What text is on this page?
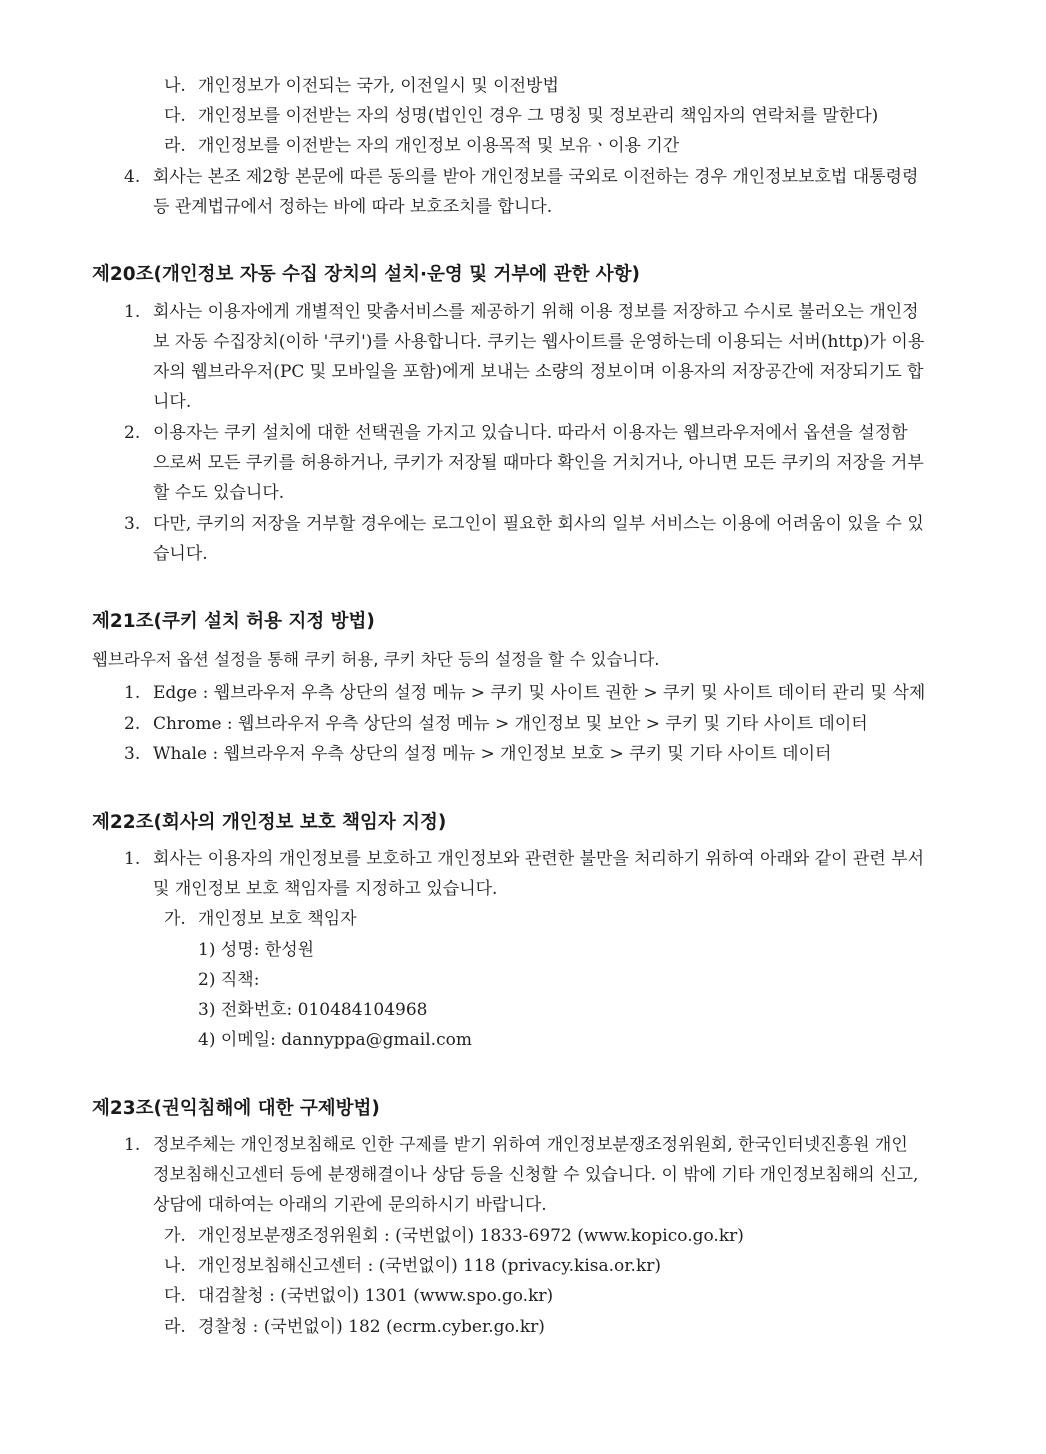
나. 개인정보가 이전되는 국가, 이전일시 및 이전방법
다. 개인정보를 이전받는 자의 성명(법인인 경우 그 명칭 및 정보관리 책임자의 연락처를 말한다)
라. 개인정보를 이전받는 자의 개인정보 이용목적 및 보유ㆍ이용 기간
4. 회사는 본조 제2항 본문에 따른 동의를 받아 개인정보를 국외로 이전하는 경우 개인정보보호법 대통령령
등 관계법규에서 정하는 바에 따라 보호조치를 합니다.
제20조(개인정보 자동 수집 장치의 설치·운영 및 거부에 관한 사항)
1. 회사는 이용자에게 개별적인 맞춤서비스를 제공하기 위해 이용 정보를 저장하고 수시로 불러오는 개인정
보 자동 수집장치(이하 '쿠키')를 사용합니다. 쿠키는 웹사이트를 운영하는데 이용되는 서버(http)가 이용
자의 웹브라우저(PC 및 모바일을 포함)에게 보내는 소량의 정보이며 이용자의 저장공간에 저장되기도 합
니다.
2. 이용자는 쿠키 설치에 대한 선택권을 가지고 있습니다. 따라서 이용자는 웹브라우저에서 옵션을 설정함
으로써 모든 쿠키를 허용하거나, 쿠키가 저장될 때마다 확인을 거치거나, 아니면 모든 쿠키의 저장을 거부
할 수도 있습니다.
3. 다만, 쿠키의 저장을 거부할 경우에는 로그인이 필요한 회사의 일부 서비스는 이용에 어려움이 있을 수 있
습니다.
제21조(쿠키 설치 허용 지정 방법)
웹브라우저 옵션 설정을 통해 쿠키 허용, 쿠키 차단 등의 설정을 할 수 있습니다.
1. Edge : 웹브라우저 우측 상단의 설정 메뉴 > 쿠키 및 사이트 권한 > 쿠키 및 사이트 데이터 관리 및 삭제
2. Chrome : 웹브라우저 우측 상단의 설정 메뉴 > 개인정보 및 보안 > 쿠키 및 기타 사이트 데이터
3. Whale : 웹브라우저 우측 상단의 설정 메뉴 > 개인정보 보호 > 쿠키 및 기타 사이트 데이터
제22조(회사의 개인정보 보호 책임자 지정)
1. 회사는 이용자의 개인정보를 보호하고 개인정보와 관련한 불만을 처리하기 위하여 아래와 같이 관련 부서
및 개인정보 보호 책임자를 지정하고 있습니다.
가. 개인정보 보호 책임자
1) 성명: 한성원
2) 직책:
3) 전화번호: 010484104968
4) 이메일: dannyppa@gmail.com
제23조(권익침해에 대한 구제방법)
1. 정보주체는 개인정보침해로 인한 구제를 받기 위하여 개인정보분쟁조정위원회, 한국인터넷진흥원 개인
정보침해신고센터 등에 분쟁해결이나 상담 등을 신청할 수 있습니다. 이 밖에 기타 개인정보침해의 신고,
상담에 대하여는 아래의 기관에 문의하시기 바랍니다.
가. 개인정보분쟁조정위원회 : (국번없이) 1833-6972 (www.kopico.go.kr)
나. 개인정보침해신고센터 : (국번없이) 118 (privacy.kisa.or.kr)
다. 대검찰청 : (국번없이) 1301 (www.spo.go.kr)
라. 경찰청 : (국번없이) 182 (ecrm.cyber.go.kr)
